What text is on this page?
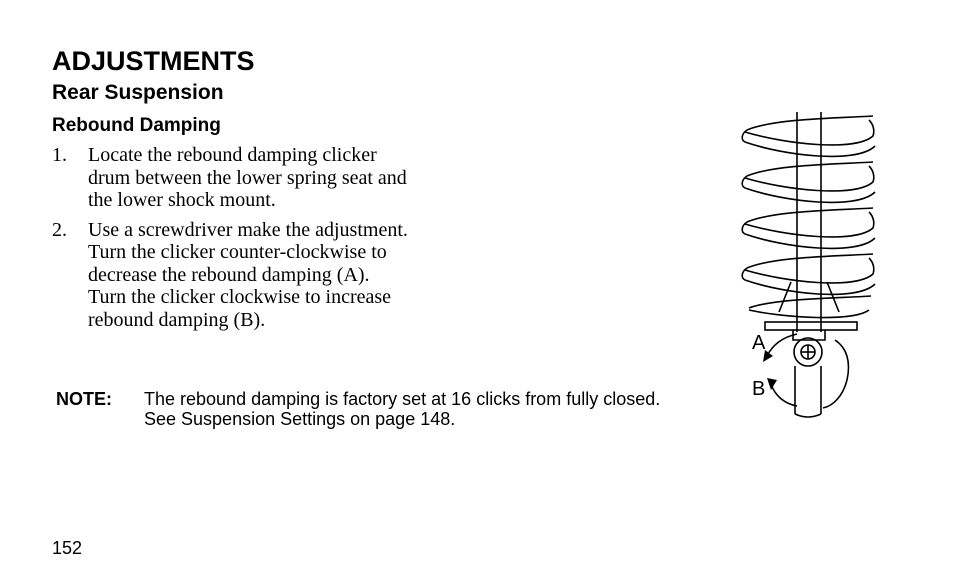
ADJUSTMENTS
Rear Suspension
Rebound Damping
1. Locate the rebound damping clicker drum between the lower spring seat and the lower shock mount.
2. Use a screwdriver make the adjustment. Turn the clicker counter-clockwise to decrease the rebound damping (A). Turn the clicker clockwise to increase rebound damping (B).
NOTE: The rebound damping is factory set at 16 clicks from fully closed. See Suspension Settings on page 148.
A
B
152
